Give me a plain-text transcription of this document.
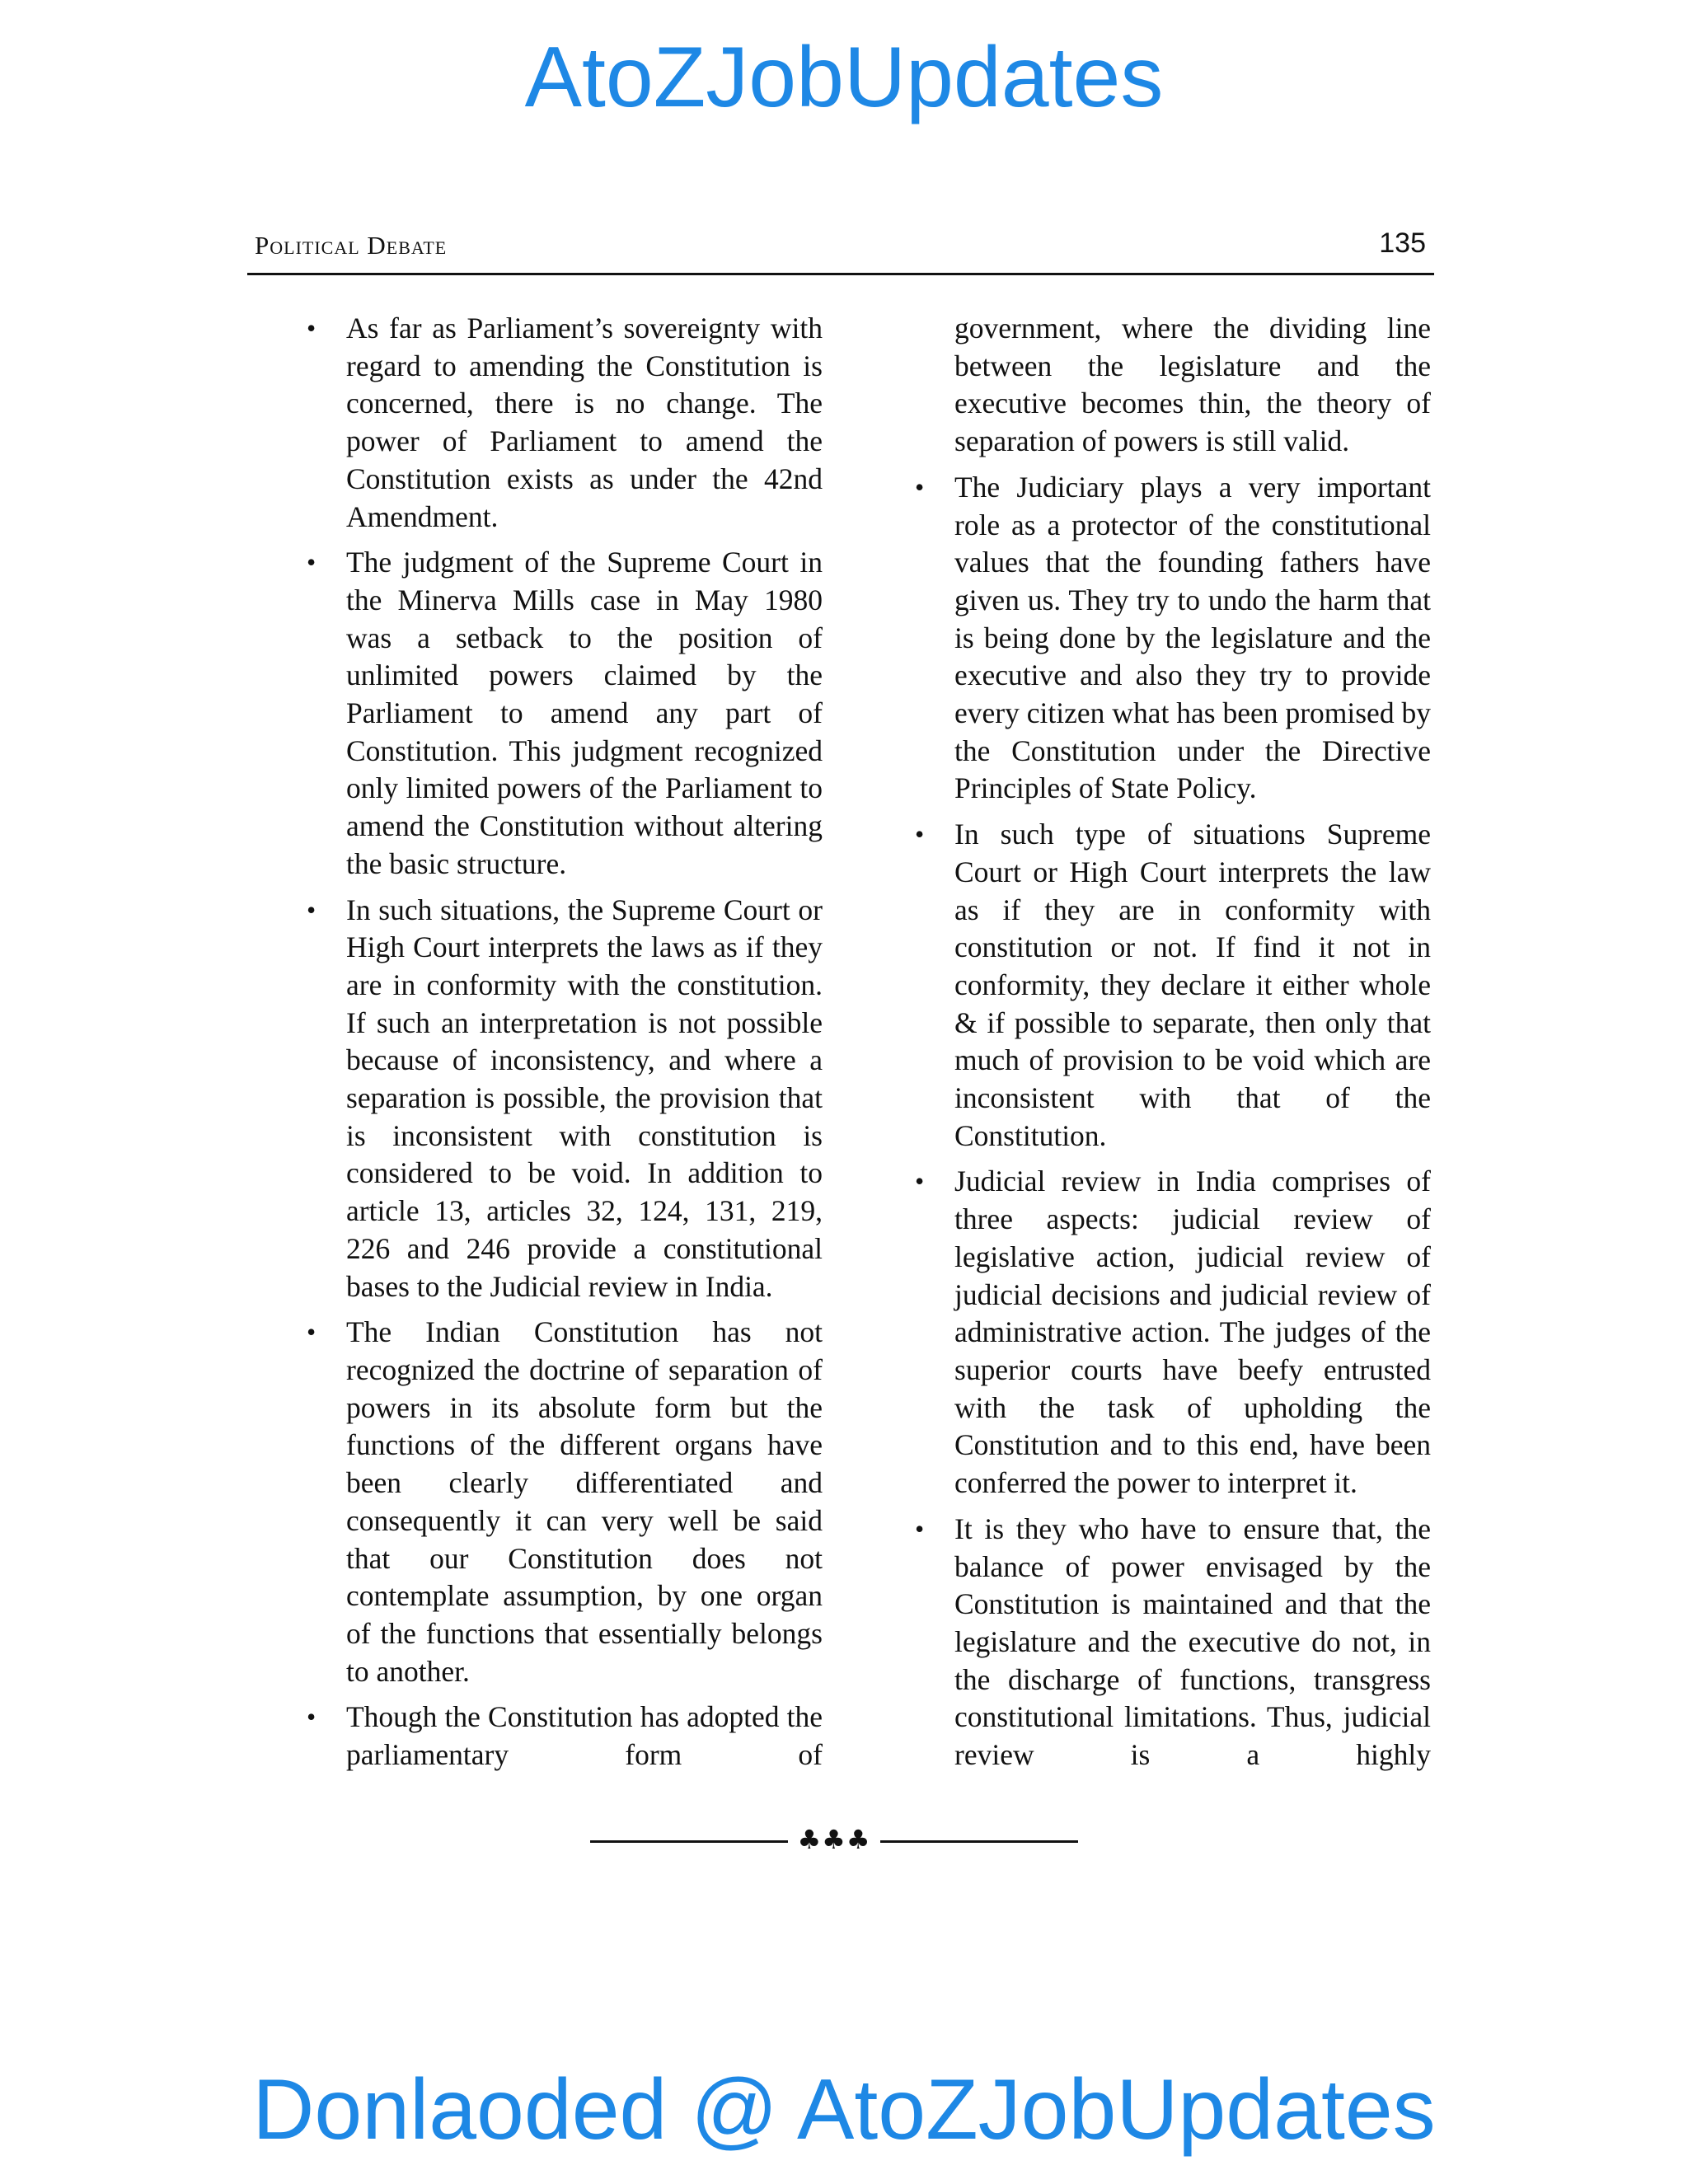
AtoZJobUpdates
Political Debate	135

•	As far as Parliament’s sovereignty with regard to amending the Constitution is concerned, there is no change. The power of Parliament to amend the Constitution exists as under the 42nd Amendment.

•	The judgment of the Supreme Court in the Minerva Mills case in May 1980 was a setback to the position of unlimited powers claimed by the Parliament to amend any part of Constitution. This judgment recognized only limited powers of the Parliament to amend the Constitution without altering the basic structure.

•	In such situations, the Supreme Court or High Court interprets the laws as if they are in conformity with the constitution. If such an interpretation is not possible because of inconsistency, and where a separation is possible, the provision that is inconsistent with constitution is considered to be void. In addition to article 13, articles 32, 124, 131, 219, 226 and 246 provide a constitutional bases to the Judicial review in India.

•	The Indian Constitution has not recognized the doctrine of separation of powers in its absolute form but the functions of the different organs have been clearly differentiated and consequently it can very well be said that our Constitution does not contemplate assumption, by one organ of the functions that essentially belongs to another.

•	Though the Constitution has adopted the parliamentary form of

government, where the dividing line between the legislature and the executive becomes thin, the theory of separation of powers is still valid.

•	The Judiciary plays a very important role as a protector of the constitutional values that the founding fathers have given us. They try to undo the harm that is being done by the legislature and the executive and also they try to provide every citizen what has been promised by the Constitution under the Directive Principles of State Policy.

•	In such type of situations Supreme Court or High Court interprets the law as if they are in conformity with constitution or not. If find it not in conformity, they declare it either whole & if possible to separate, then only that much of provision to be void which are inconsistent with that of the Constitution.

•	Judicial review in India comprises of three aspects: judicial review of legislative action, judicial review of judicial decisions and judicial review of administrative action. The judges of the superior courts have beefy entrusted with the task of upholding the Constitution and to this end, have been conferred the power to interpret it.

•	It is they who have to ensure that, the balance of power envisaged by the Constitution is maintained and that the legislature and the executive do not, in the discharge of functions, transgress constitutional limitations. Thus, judicial review is a highly

♣♣♣
Donlaoded @ AtoZJobUpdates
